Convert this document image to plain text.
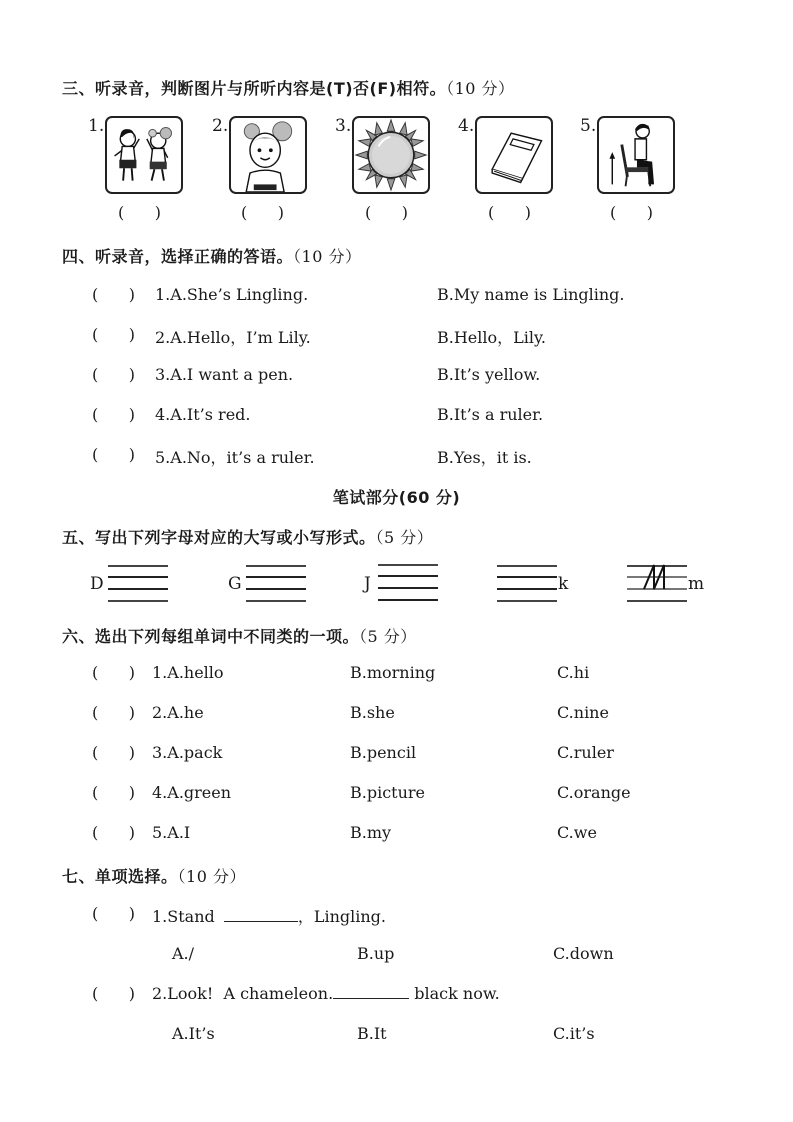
三、听录音，判断图片与所听内容是(T)否(F)相符。（10 分）
1.
(      )
2.
(      )
3.
(      )
4.
(      )
5.
(      )
四、听录音，选择正确的答语。（10 分）
(      ) 1.A.She’s Lingling.	B.My name is Lingling.
(      ) 2.A.Hello，I’m Lily.	B.Hello，Lily.
(      ) 3.A.I want a pen.	B.It’s yellow.
(      ) 4.A.It’s red.	B.It’s a ruler.
(      ) 5.A.No，it’s a ruler.	B.Yes，it is.
笔试部分(60 分)
五、写出下列字母对应的大写或小写形式。（5 分）
D	G	J	k	m
六、选出下列每组单词中不同类的一项。（5 分）
(      ) 1.A.hello	B.morning	C.hi
(      ) 2.A.he	B.she	C.nine
(      ) 3.A.pack	B.pencil	C.ruler
(      ) 4.A.green	B.picture	C.orange
(      ) 5.A.I	B.my	C.we
七、单项选择。（10 分）
(      ) 1.Stand	，Lingling.
A./	B.up	C.down
(      ) 2.Look!  A chameleon.	black now.
A.It’s	B.It	C.it’s
